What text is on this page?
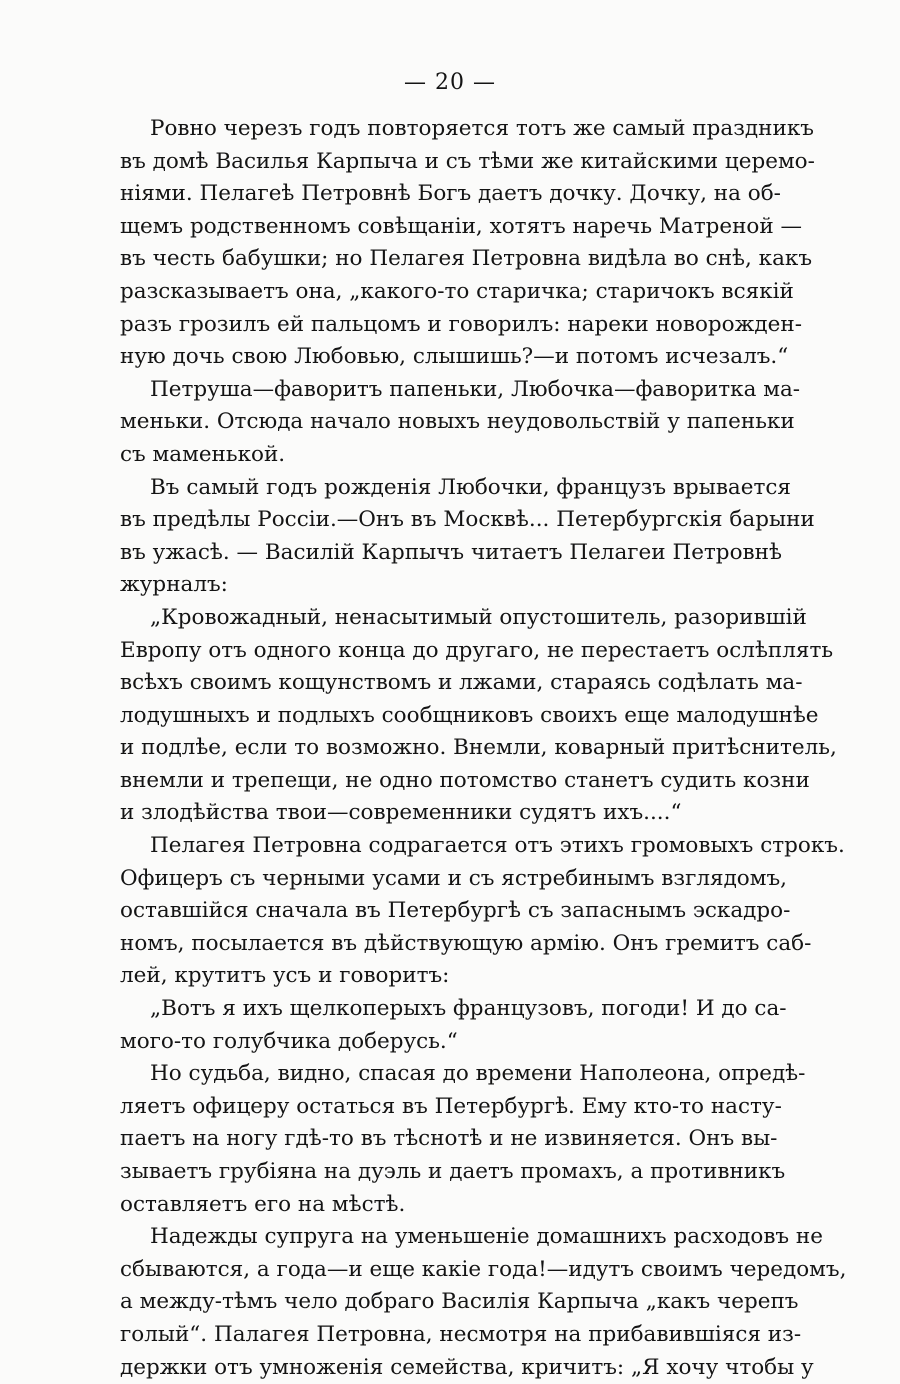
— 20 —
Ровно черезъ годъ повторяется тотъ же самый праздникъ
въ домѣ Василья Карпыча и съ тѣми же китайскими церемо-
ніями. Пелагеѣ Петровнѣ Богъ даетъ дочку. Дочку, на об-
щемъ родственномъ совѣщаніи, хотятъ наречь Матреной —
въ честь бабушки; но Пелагея Петровна видѣла во снѣ, какъ
разсказываетъ она, „какого-то старичка; старичокъ всякій
разъ грозилъ ей пальцомъ и говорилъ: нареки новорожден-
ную дочь свою Любовью, слышишь?—и потомъ исчезалъ.“
Петруша—фаворитъ папеньки, Любочка—фаворитка ма-
меньки. Отсюда начало новыхъ неудовольствій у папеньки
съ маменькой.
Въ самый годъ рожденія Любочки, французъ врывается
въ предѣлы Россіи.—Онъ въ Москвѣ... Петербургскія барыни
въ ужасѣ. — Василій Карпычъ читаетъ Пелагеи Петровнѣ
журналъ:
„Кровожадный, ненасытимый опустошитель, разорившій
Европу отъ одного конца до другаго, не перестаетъ ослѣплять
всѣхъ своимъ кощунствомъ и лжами, стараясь содѣлать ма-
лодушныхъ и подлыхъ сообщниковъ своихъ еще малодушнѣе
и подлѣе, если то возможно. Внемли, коварный притѣснитель,
внемли и трепещи, не одно потомство станетъ судить козни
и злодѣйства твои—современники судятъ ихъ....“
Пелагея Петровна содрагается отъ этихъ громовыхъ строкъ.
Офицеръ съ черными усами и съ ястребинымъ взглядомъ,
оставшійся сначала въ Петербургѣ съ запаснымъ эскадро-
номъ, посылается въ дѣйствующую армію. Онъ гремитъ саб-
лей, крутитъ усъ и говоритъ:
„Вотъ я ихъ щелкоперыхъ французовъ, погоди! И до са-
мого-то голубчика доберусь.“
Но судьба, видно, спасая до времени Наполеона, опредѣ-
ляетъ офицеру остаться въ Петербургѣ. Ему кто-то насту-
паетъ на ногу гдѣ-то въ тѣснотѣ и не извиняется. Онъ вы-
зываетъ грубіяна на дуэль и даетъ промахъ, а противникъ
оставляетъ его на мѣстѣ.
Надежды супруга на уменьшеніе домашнихъ расходовъ не
сбываются, а года—и еще какіе года!—идутъ своимъ чередомъ,
а между-тѣмъ чело добраго Василія Карпыча „какъ черепъ
голый“. Палагея Петровна, несмотря на прибавившіяся из-
держки отъ умноженія семейства, кричитъ: „Я хочу чтобы у
